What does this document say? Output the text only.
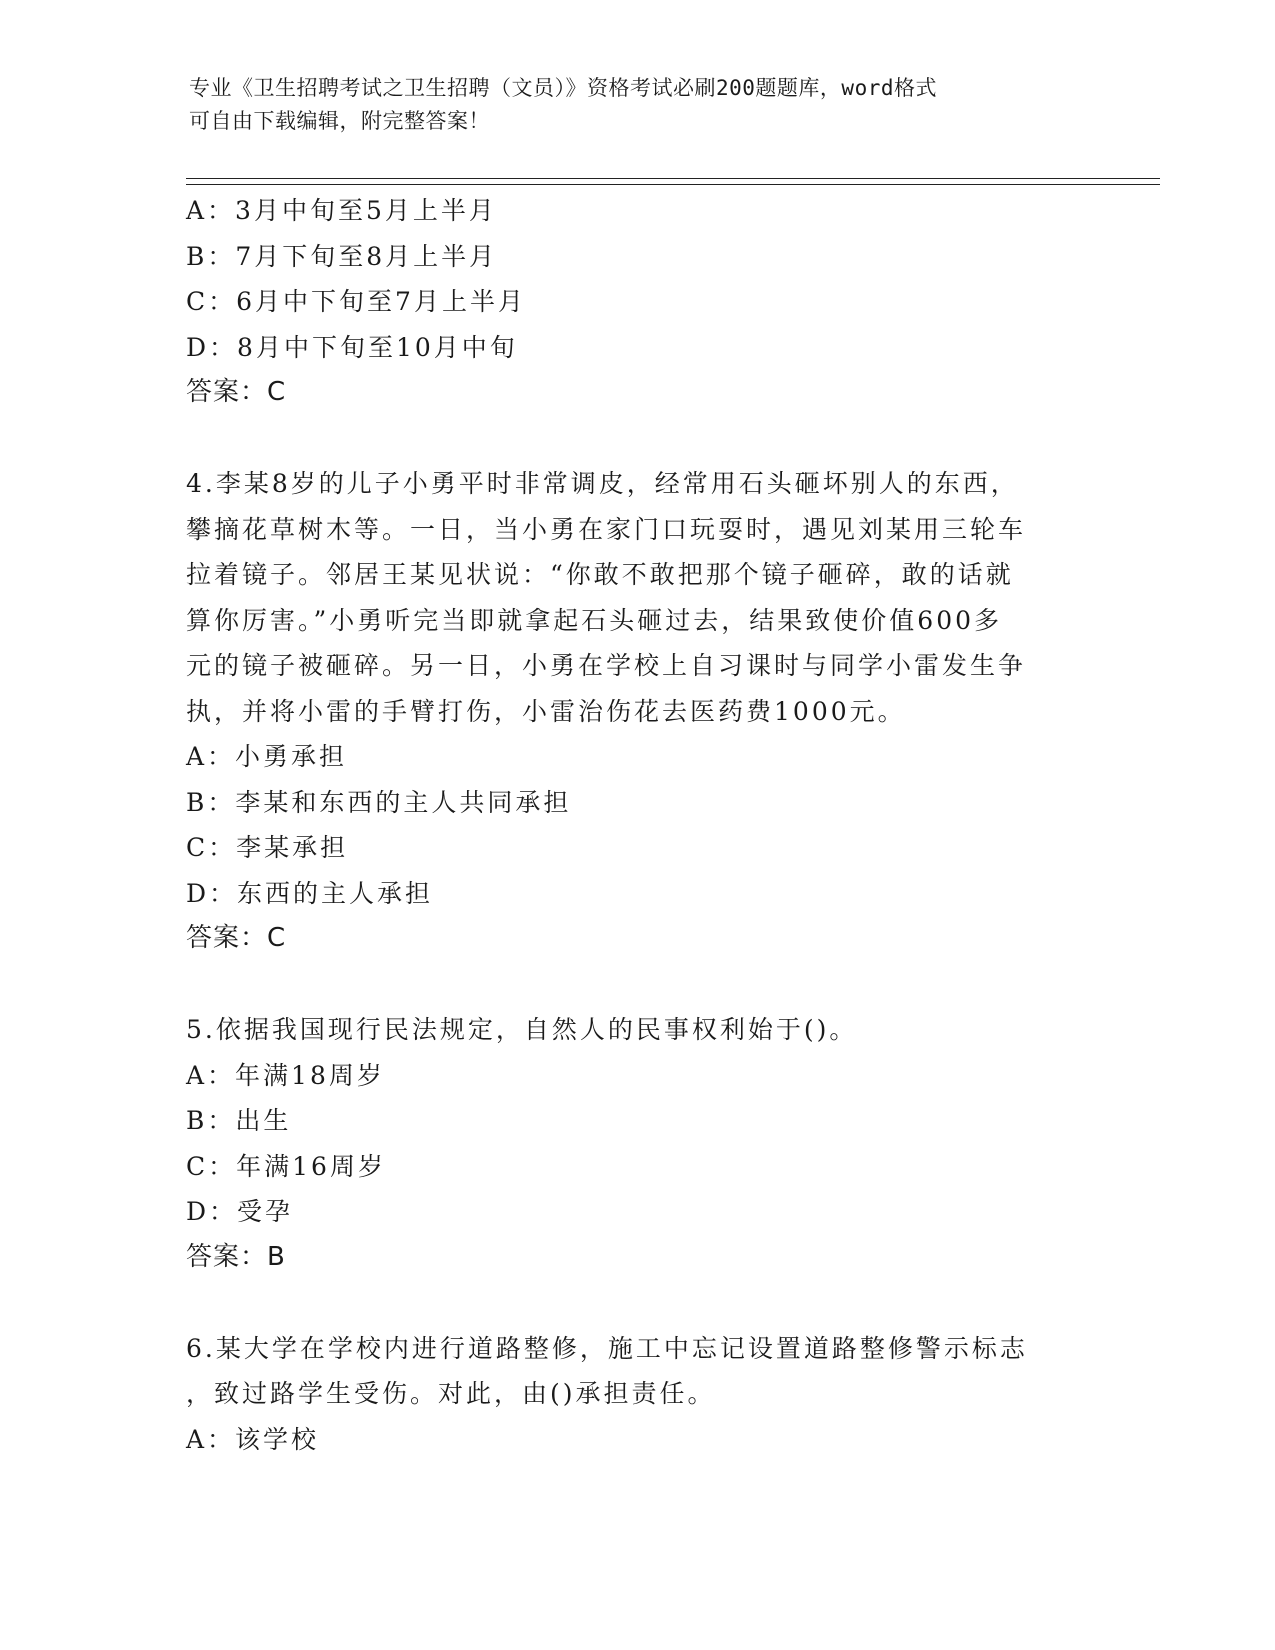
专业《卫生招聘考试之卫生招聘（文员）》资格考试必刷200题题库，word格式
可自由下载编辑，附完整答案！
A：3月中旬至5月上半月
B：7月下旬至8月上半月
C：6月中下旬至7月上半月
D：8月中下旬至10月中旬
答案：C
4.李某8岁的儿子小勇平时非常调皮，经常用石头砸坏别人的东西，
攀摘花草树木等。一日，当小勇在家门口玩耍时，遇见刘某用三轮车
拉着镜子。邻居王某见状说：“你敢不敢把那个镜子砸碎，敢的话就
算你厉害。”小勇听完当即就拿起石头砸过去，结果致使价值600多
元的镜子被砸碎。另一日，小勇在学校上自习课时与同学小雷发生争
执，并将小雷的手臂打伤，小雷治伤花去医药费1000元。
A：小勇承担
B：李某和东西的主人共同承担
C：李某承担
D：东西的主人承担
答案：C
5.依据我国现行民法规定，自然人的民事权利始于()。
A：年满18周岁
B：出生
C：年满16周岁
D：受孕
答案：B
6.某大学在学校内进行道路整修，施工中忘记设置道路整修警示标志
，致过路学生受伤。对此，由()承担责任。
A：该学校
